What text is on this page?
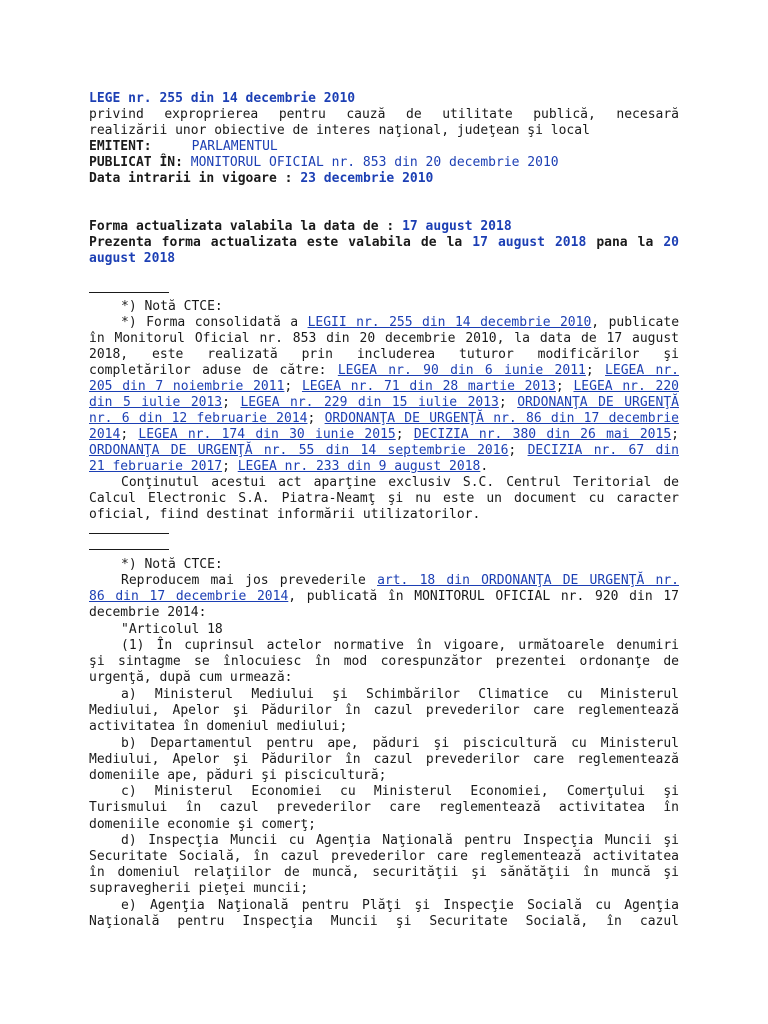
LEGE nr. 255 din 14 decembrie 2010
privind exproprierea pentru cauză de utilitate publică, necesară
realizării unor obiective de interes naţional, judeţean şi local
EMITENT:	PARLAMENTUL
PUBLICAT ÎN: MONITORUL OFICIAL nr. 853 din 20 decembrie 2010
Data intrarii in vigoare : 23 decembrie 2010
Forma actualizata valabila la data de : 17 august 2018
Prezenta forma actualizata este valabila de la 17 august 2018 pana la 20
august 2018
*) Notă CTCE:
*) Forma consolidată a LEGII nr. 255 din 14 decembrie 2010, publicate
în Monitorul Oficial nr. 853 din 20 decembrie 2010, la data de 17 august
2018, este realizată prin includerea tuturor modificărilor şi
completărilor aduse de către: LEGEA nr. 90 din 6 iunie 2011; LEGEA nr.
205 din 7 noiembrie 2011; LEGEA nr. 71 din 28 martie 2013; LEGEA nr. 220
din 5 iulie 2013; LEGEA nr. 229 din 15 iulie 2013; ORDONANŢA DE URGENŢĂ
nr. 6 din 12 februarie 2014; ORDONANŢA DE URGENŢĂ nr. 86 din 17 decembrie
2014; LEGEA nr. 174 din 30 iunie 2015; DECIZIA nr. 380 din 26 mai 2015;
ORDONANŢA DE URGENŢĂ nr. 55 din 14 septembrie 2016; DECIZIA nr. 67 din
21 februarie 2017; LEGEA nr. 233 din 9 august 2018.
Conţinutul acestui act aparţine exclusiv S.C. Centrul Teritorial de
Calcul Electronic S.A. Piatra-Neamţ şi nu este un document cu caracter
oficial, fiind destinat informării utilizatorilor.
*) Notă CTCE:
Reproducem mai jos prevederile art. 18 din ORDONANŢA DE URGENŢĂ nr.
86 din 17 decembrie 2014, publicată în MONITORUL OFICIAL nr. 920 din 17
decembrie 2014:
"Articolul 18
(1) În cuprinsul actelor normative în vigoare, următoarele denumiri
şi sintagme se înlocuiesc în mod corespunzător prezentei ordonanţe de
urgenţă, după cum urmează:
a) Ministerul Mediului şi Schimbărilor Climatice cu Ministerul
Mediului, Apelor şi Pădurilor în cazul prevederilor care reglementează
activitatea în domeniul mediului;
b) Departamentul pentru ape, păduri şi piscicultură cu Ministerul
Mediului, Apelor şi Pădurilor în cazul prevederilor care reglementează
domeniile ape, păduri şi piscicultură;
c) Ministerul Economiei cu Ministerul Economiei, Comerţului şi
Turismului în cazul prevederilor care reglementează activitatea în
domeniile economie şi comerţ;
d) Inspecţia Muncii cu Agenţia Naţională pentru Inspecţia Muncii şi
Securitate Socială, în cazul prevederilor care reglementează activitatea
în domeniul relaţiilor de muncă, securităţii şi sănătăţii în muncă şi
supravegherii pieţei muncii;
e) Agenţia Naţională pentru Plăţi şi Inspecţie Socială cu Agenţia
Naţională pentru Inspecţia Muncii şi Securitate Socială, în cazul
